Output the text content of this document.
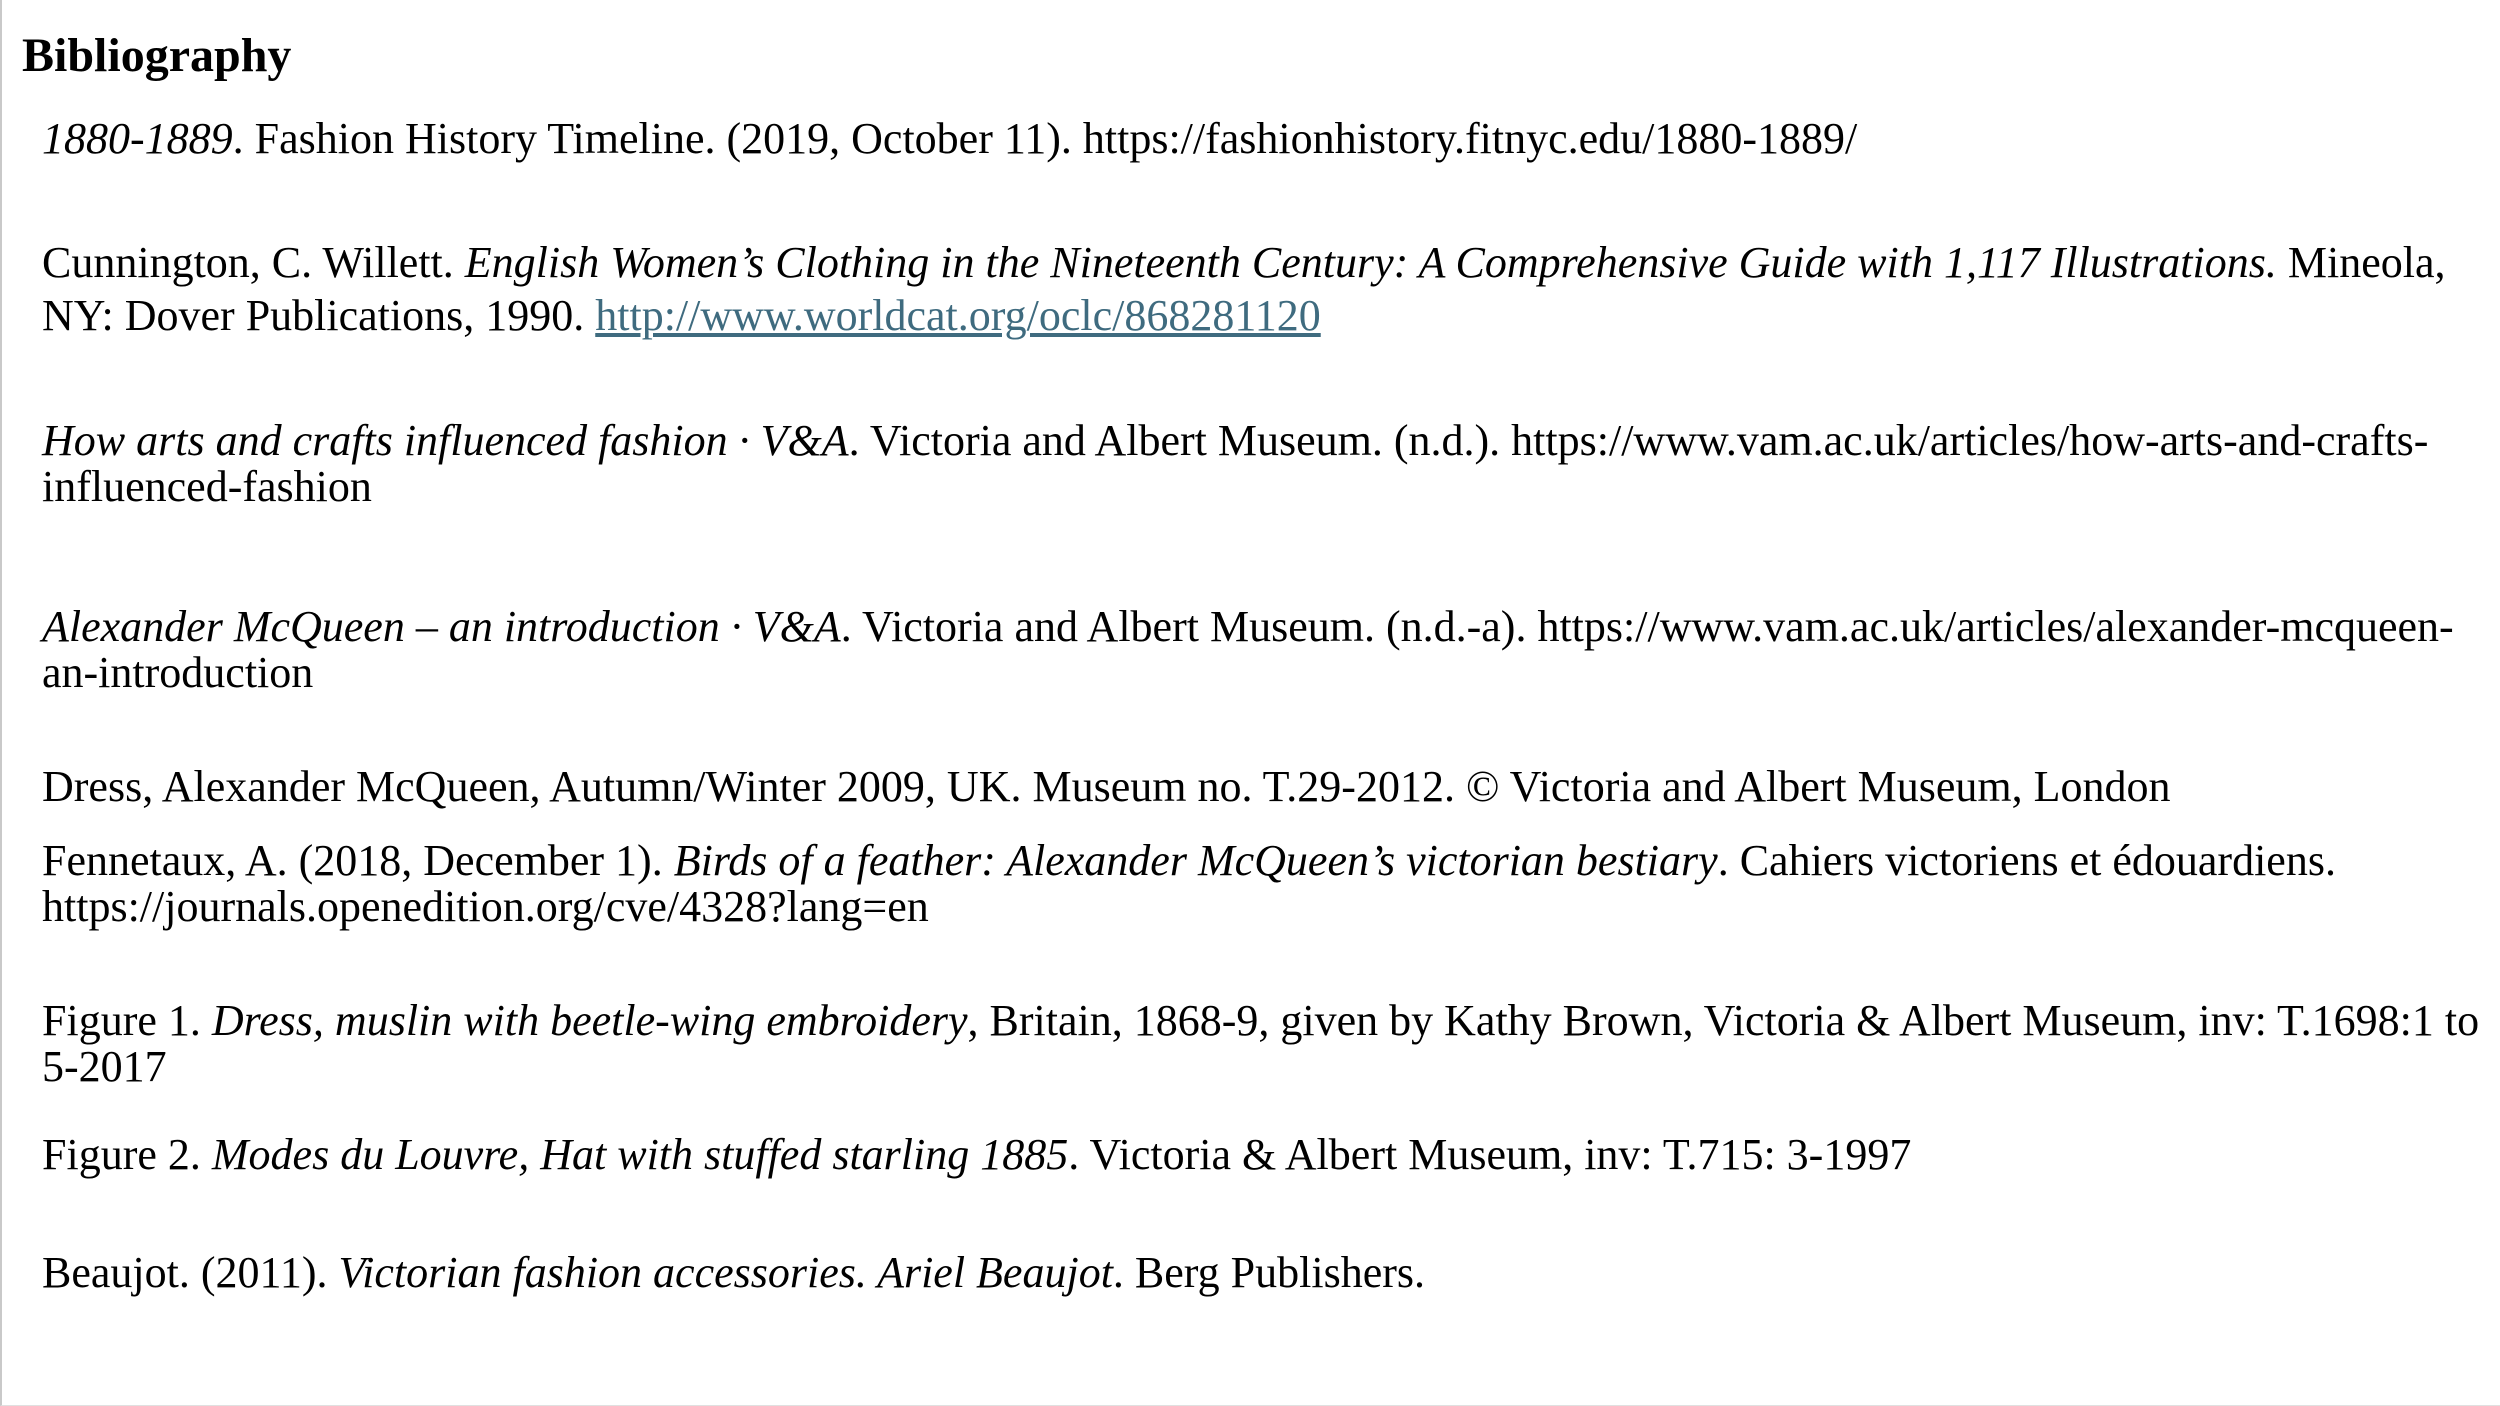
Bibliography

1880-1889. Fashion History Timeline. (2019, October 11). https://fashionhistory.fitnyc.edu/1880-1889/

Cunnington, C. Willett. English Women’s Clothing in the Nineteenth Century: A Comprehensive Guide with 1,117 Illustrations. Mineola, NY: Dover Publications, 1990. http://www.worldcat.org/oclc/868281120

How arts and crafts influenced fashion · V&A. Victoria and Albert Museum. (n.d.). https://www.vam.ac.uk/articles/how-arts-and-crafts-influenced-fashion

Alexander McQueen – an introduction · V&A. Victoria and Albert Museum. (n.d.-a). https://www.vam.ac.uk/articles/alexander-mcqueen-an-introduction

Dress, Alexander McQueen, Autumn/Winter 2009, UK. Museum no. T.29-2012. © Victoria and Albert Museum, London

Fennetaux, A. (2018, December 1). Birds of a feather: Alexander McQueen’s victorian bestiary. Cahiers victoriens et édouardiens. https://journals.openedition.org/cve/4328?lang=en

Figure 1. Dress, muslin with beetle-wing embroidery, Britain, 1868-9, given by Kathy Brown, Victoria & Albert Museum, inv: T.1698:1 to 5-2017

Figure 2. Modes du Louvre, Hat with stuffed starling 1885. Victoria & Albert Museum, inv: T.715: 3-1997

Beaujot. (2011). Victorian fashion accessories. Ariel Beaujot. Berg Publishers.
